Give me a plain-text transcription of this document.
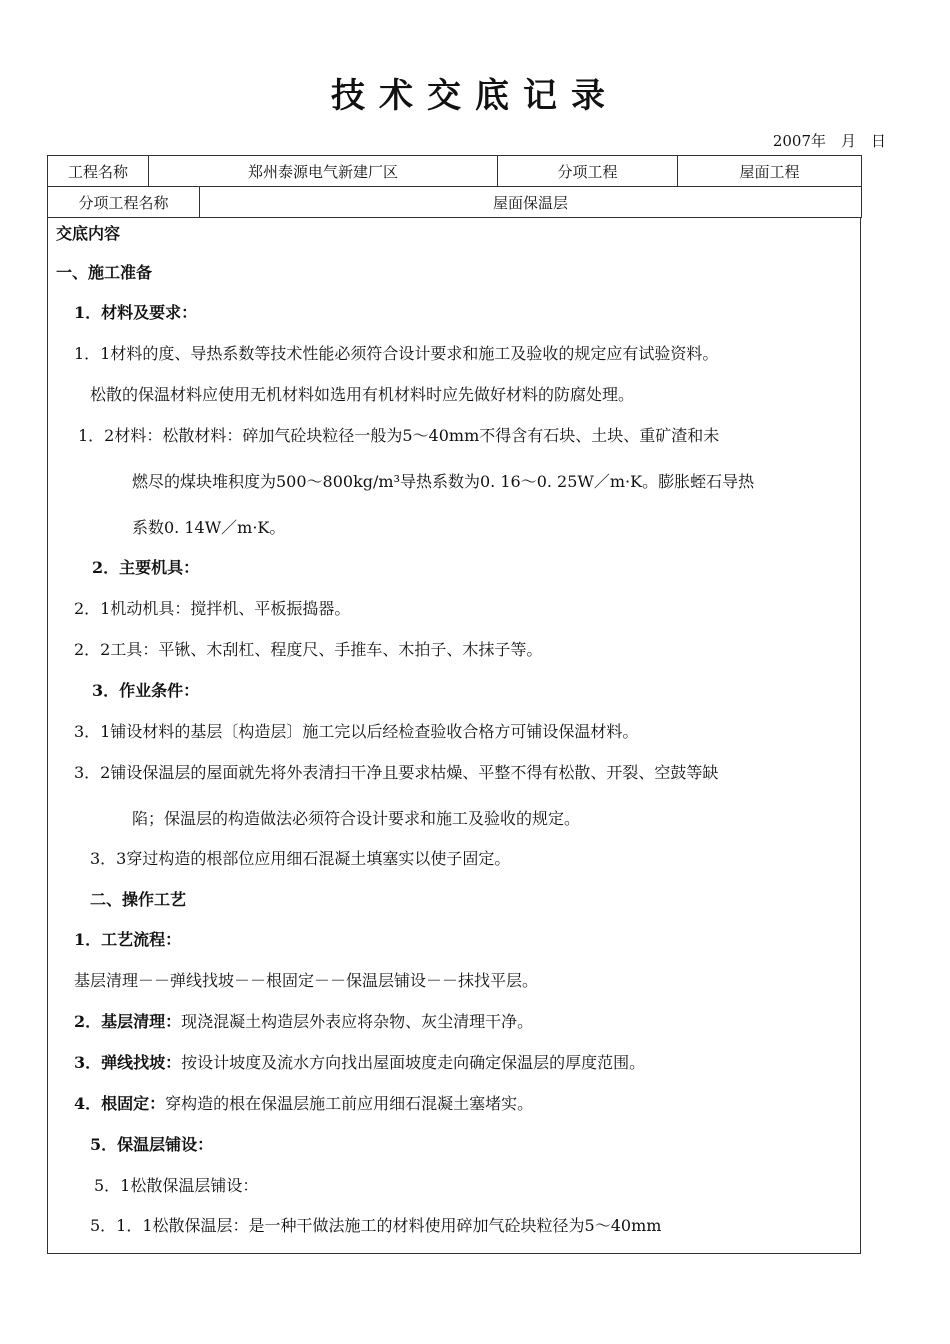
技术交底记录
2007年　月　日
工程名称	郑州泰源电气新建厂区		分项工程	屋面工程
分项工程名称		屋面保温层		
交底内容
一、施工准备
1．材料及要求：
1．1材料的度、导热系数等技术性能必须符合设计要求和施工及验收的规定应有试验资料。
松散的保温材料应使用无机材料如选用有机材料时应先做好材料的防腐处理。
1．2材料：松散材料：碎加气砼块粒径一般为5～40mm不得含有石块、土块、重矿渣和未
燃尽的煤块堆积度为500～800kg/m³导热系数为0. 16～0. 25W／m·K。膨胀蛭石导热
系数0. 14W／m·K。
2．主要机具：
2．1机动机具：搅拌机、平板振捣器。
2．2工具：平锹、木刮杠、程度尺、手推车、木拍子、木抹子等。
3．作业条件：
3．1铺设材料的基层〔构造层〕施工完以后经检查验收合格方可铺设保温材料。
3．2铺设保温层的屋面就先将外表清扫干净且要求枯燥、平整不得有松散、开裂、空鼓等缺
陷；保温层的构造做法必须符合设计要求和施工及验收的规定。
3．3穿过构造的根部位应用细石混凝土填塞实以使子固定。
二、操作工艺
1．工艺流程：
基层清理－－弹线找坡－－根固定－－保温层铺设－－抹找平层。
2．基层清理：现浇混凝土构造层外表应将杂物、灰尘清理干净。
3．弹线找坡：按设计坡度及流水方向找出屋面坡度走向确定保温层的厚度范围。
4．根固定：穿构造的根在保温层施工前应用细石混凝土塞堵实。
5．保温层铺设：
5．1松散保温层铺设：
5．1．1松散保温层：是一种干做法施工的材料使用碎加气砼块粒径为5～40mm
